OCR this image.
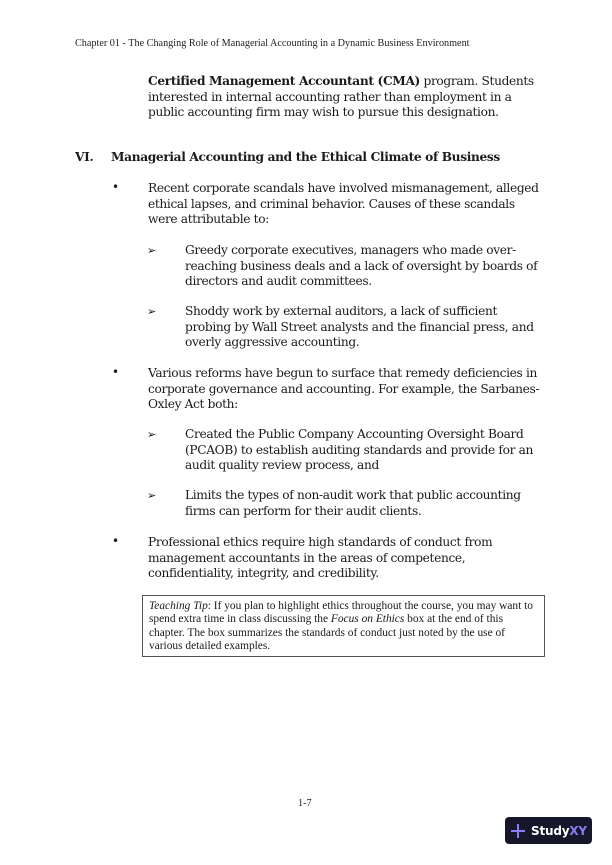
Chapter 01 - The Changing Role of Managerial Accounting in a Dynamic Business Environment
Certified Management Accountant (CMA) program. Students interested in internal accounting rather than employment in a public accounting firm may wish to pursue this designation.
VI. Managerial Accounting and the Ethical Climate of Business
• Recent corporate scandals have involved mismanagement, alleged ethical lapses, and criminal behavior. Causes of these scandals were attributable to:
➢ Greedy corporate executives, managers who made over-reaching business deals and a lack of oversight by boards of directors and audit committees.
➢ Shoddy work by external auditors, a lack of sufficient probing by Wall Street analysts and the financial press, and overly aggressive accounting.
• Various reforms have begun to surface that remedy deficiencies in corporate governance and accounting. For example, the Sarbanes-Oxley Act both:
➢ Created the Public Company Accounting Oversight Board (PCAOB) to establish auditing standards and provide for an audit quality review process, and
➢ Limits the types of non-audit work that public accounting firms can perform for their audit clients.
• Professional ethics require high standards of conduct from management accountants in the areas of competence, confidentiality, integrity, and credibility.
Teaching Tip: If you plan to highlight ethics throughout the course, you may want to spend extra time in class discussing the Focus on Ethics box at the end of this chapter. The box summarizes the standards of conduct just noted by the use of various detailed examples.
1-7
StudyXY
